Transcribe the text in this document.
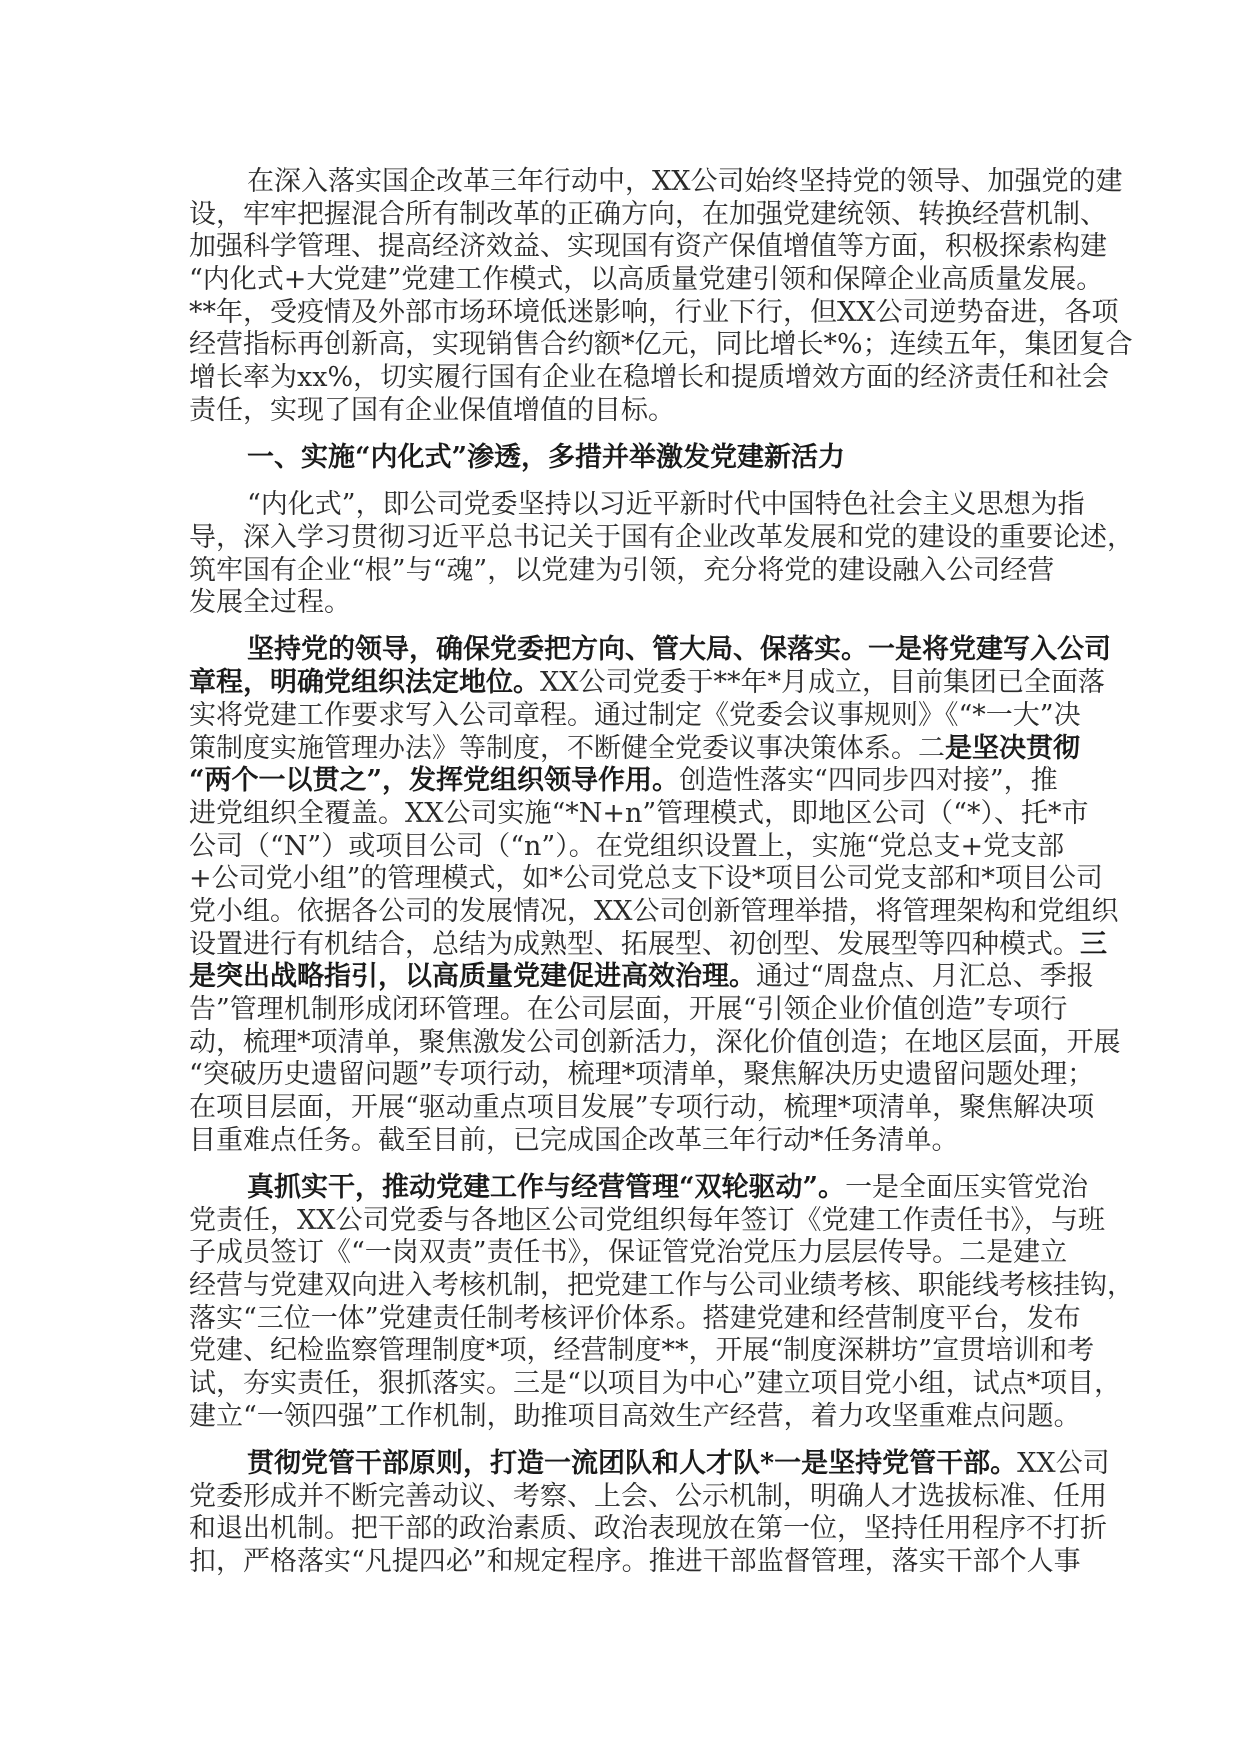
在深入落实国企改革三年行动中，XX公司始终坚持党的领导、加强党的建
设，牢牢把握混合所有制改革的正确方向，在加强党建统领、转换经营机制、
加强科学管理、提高经济效益、实现国有资产保值增值等方面，积极探索构建
“内化式+大党建”党建工作模式，以高质量党建引领和保障企业高质量发展。
**年，受疫情及外部市场环境低迷影响，行业下行，但XX公司逆势奋进，各项
经营指标再创新高，实现销售合约额*亿元，同比增长*%；连续五年，集团复合
增长率为xx%，切实履行国有企业在稳增长和提质增效方面的经济责任和社会
责任，实现了国有企业保值增值的目标。
一、实施“内化式”渗透，多措并举激发党建新活力
“内化式”，即公司党委坚持以习近平新时代中国特色社会主义思想为指
导，深入学习贯彻习近平总书记关于国有企业改革发展和党的建设的重要论述，
筑牢国有企业“根”与“魂”，以党建为引领，充分将党的建设融入公司经营
发展全过程。
坚持党的领导，确保党委把方向、管大局、保落实。一是将党建写入公司
章程，明确党组织法定地位。XX公司党委于**年*月成立，目前集团已全面落
实将党建工作要求写入公司章程。通过制定《党委会议事规则》《“*一大”决
策制度实施管理办法》等制度，不断健全党委议事决策体系。二是坚决贯彻
“两个一以贯之”，发挥党组织领导作用。创造性落实“四同步四对接”，推
进党组织全覆盖。XX公司实施“*N+n”管理模式，即地区公司（“*）、托*市
公司（“N”）或项目公司（“n”）。在党组织设置上，实施“党总支+党支部
+公司党小组”的管理模式，如*公司党总支下设*项目公司党支部和*项目公司
党小组。依据各公司的发展情况，XX公司创新管理举措，将管理架构和党组织
设置进行有机结合，总结为成熟型、拓展型、初创型、发展型等四种模式。三
是突出战略指引，以高质量党建促进高效治理。通过“周盘点、月汇总、季报
告”管理机制形成闭环管理。在公司层面，开展“引领企业价值创造”专项行
动，梳理*项清单，聚焦激发公司创新活力，深化价值创造；在地区层面，开展
“突破历史遗留问题”专项行动，梳理*项清单，聚焦解决历史遗留问题处理；
在项目层面，开展“驱动重点项目发展”专项行动，梳理*项清单，聚焦解决项
目重难点任务。截至目前，已完成国企改革三年行动*任务清单。
真抓实干，推动党建工作与经营管理“双轮驱动”。一是全面压实管党治
党责任，XX公司党委与各地区公司党组织每年签订《党建工作责任书》，与班
子成员签订《“一岗双责”责任书》，保证管党治党压力层层传导。二是建立
经营与党建双向进入考核机制，把党建工作与公司业绩考核、职能线考核挂钩，
落实“三位一体”党建责任制考核评价体系。搭建党建和经营制度平台，发布
党建、纪检监察管理制度*项，经营制度**，开展“制度深耕坊”宣贯培训和考
试，夯实责任，狠抓落实。三是“以项目为中心”建立项目党小组，试点*项目，
建立“一领四强”工作机制，助推项目高效生产经营，着力攻坚重难点问题。
贯彻党管干部原则，打造一流团队和人才队*一是坚持党管干部。XX公司
党委形成并不断完善动议、考察、上会、公示机制，明确人才选拔标准、任用
和退出机制。把干部的政治素质、政治表现放在第一位，坚持任用程序不打折
扣，严格落实“凡提四必”和规定程序。推进干部监督管理，落实干部个人事
